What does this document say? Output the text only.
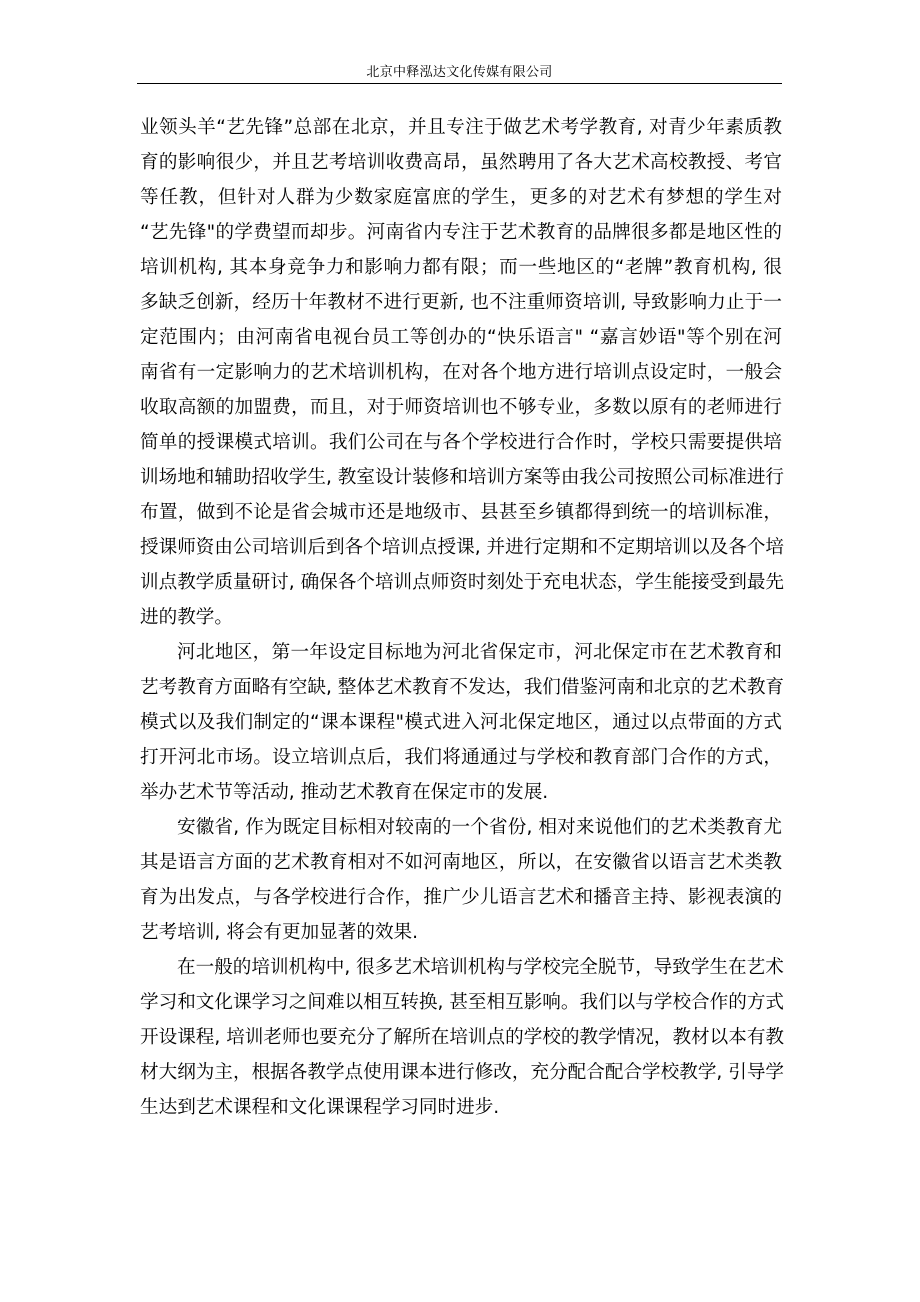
北京中释泓达文化传媒有限公司
业领头羊“艺先锋”总部在北京，并且专注于做艺术考学教育, 对青少年素质教
育的影响很少，并且艺考培训收费高昂，虽然聘用了各大艺术高校教授、考官
等任教，但针对人群为少数家庭富庶的学生，更多的对艺术有梦想的学生对
“艺先锋"的学费望而却步。河南省内专注于艺术教育的品牌很多都是地区性的
培训机构, 其本身竞争力和影响力都有限；而一些地区的“老牌”教育机构, 很
多缺乏创新，经历十年教材不进行更新, 也不注重师资培训, 导致影响力止于一
定范围内；由河南省电视台员工等创办的“快乐语言" “嘉言妙语"等个别在河
南省有一定影响力的艺术培训机构，在对各个地方进行培训点设定时，一般会
收取高额的加盟费，而且，对于师资培训也不够专业，多数以原有的老师进行
简单的授课模式培训。我们公司在与各个学校进行合作时，学校只需要提供培
训场地和辅助招收学生, 教室设计装修和培训方案等由我公司按照公司标准进行
布置，做到不论是省会城市还是地级市、县甚至乡镇都得到统一的培训标准，
授课师资由公司培训后到各个培训点授课, 并进行定期和不定期培训以及各个培
训点教学质量研讨, 确保各个培训点师资时刻处于充电状态，学生能接受到最先
进的教学。
河北地区，第一年设定目标地为河北省保定市，河北保定市在艺术教育和
艺考教育方面略有空缺, 整体艺术教育不发达，我们借鉴河南和北京的艺术教育
模式以及我们制定的“课本课程"模式进入河北保定地区，通过以点带面的方式
打开河北市场。设立培训点后，我们将通通过与学校和教育部门合作的方式，
举办艺术节等活动, 推动艺术教育在保定市的发展.
安徽省, 作为既定目标相对较南的一个省份, 相对来说他们的艺术类教育尤
其是语言方面的艺术教育相对不如河南地区，所以，在安徽省以语言艺术类教
育为出发点，与各学校进行合作，推广少儿语言艺术和播音主持、影视表演的
艺考培训, 将会有更加显著的效果.
在一般的培训机构中, 很多艺术培训机构与学校完全脱节，导致学生在艺术
学习和文化课学习之间难以相互转换, 甚至相互影响。我们以与学校合作的方式
开设课程, 培训老师也要充分了解所在培训点的学校的教学情况，教材以本有教
材大纲为主，根据各教学点使用课本进行修改，充分配合配合学校教学, 引导学
生达到艺术课程和文化课课程学习同时进步.
